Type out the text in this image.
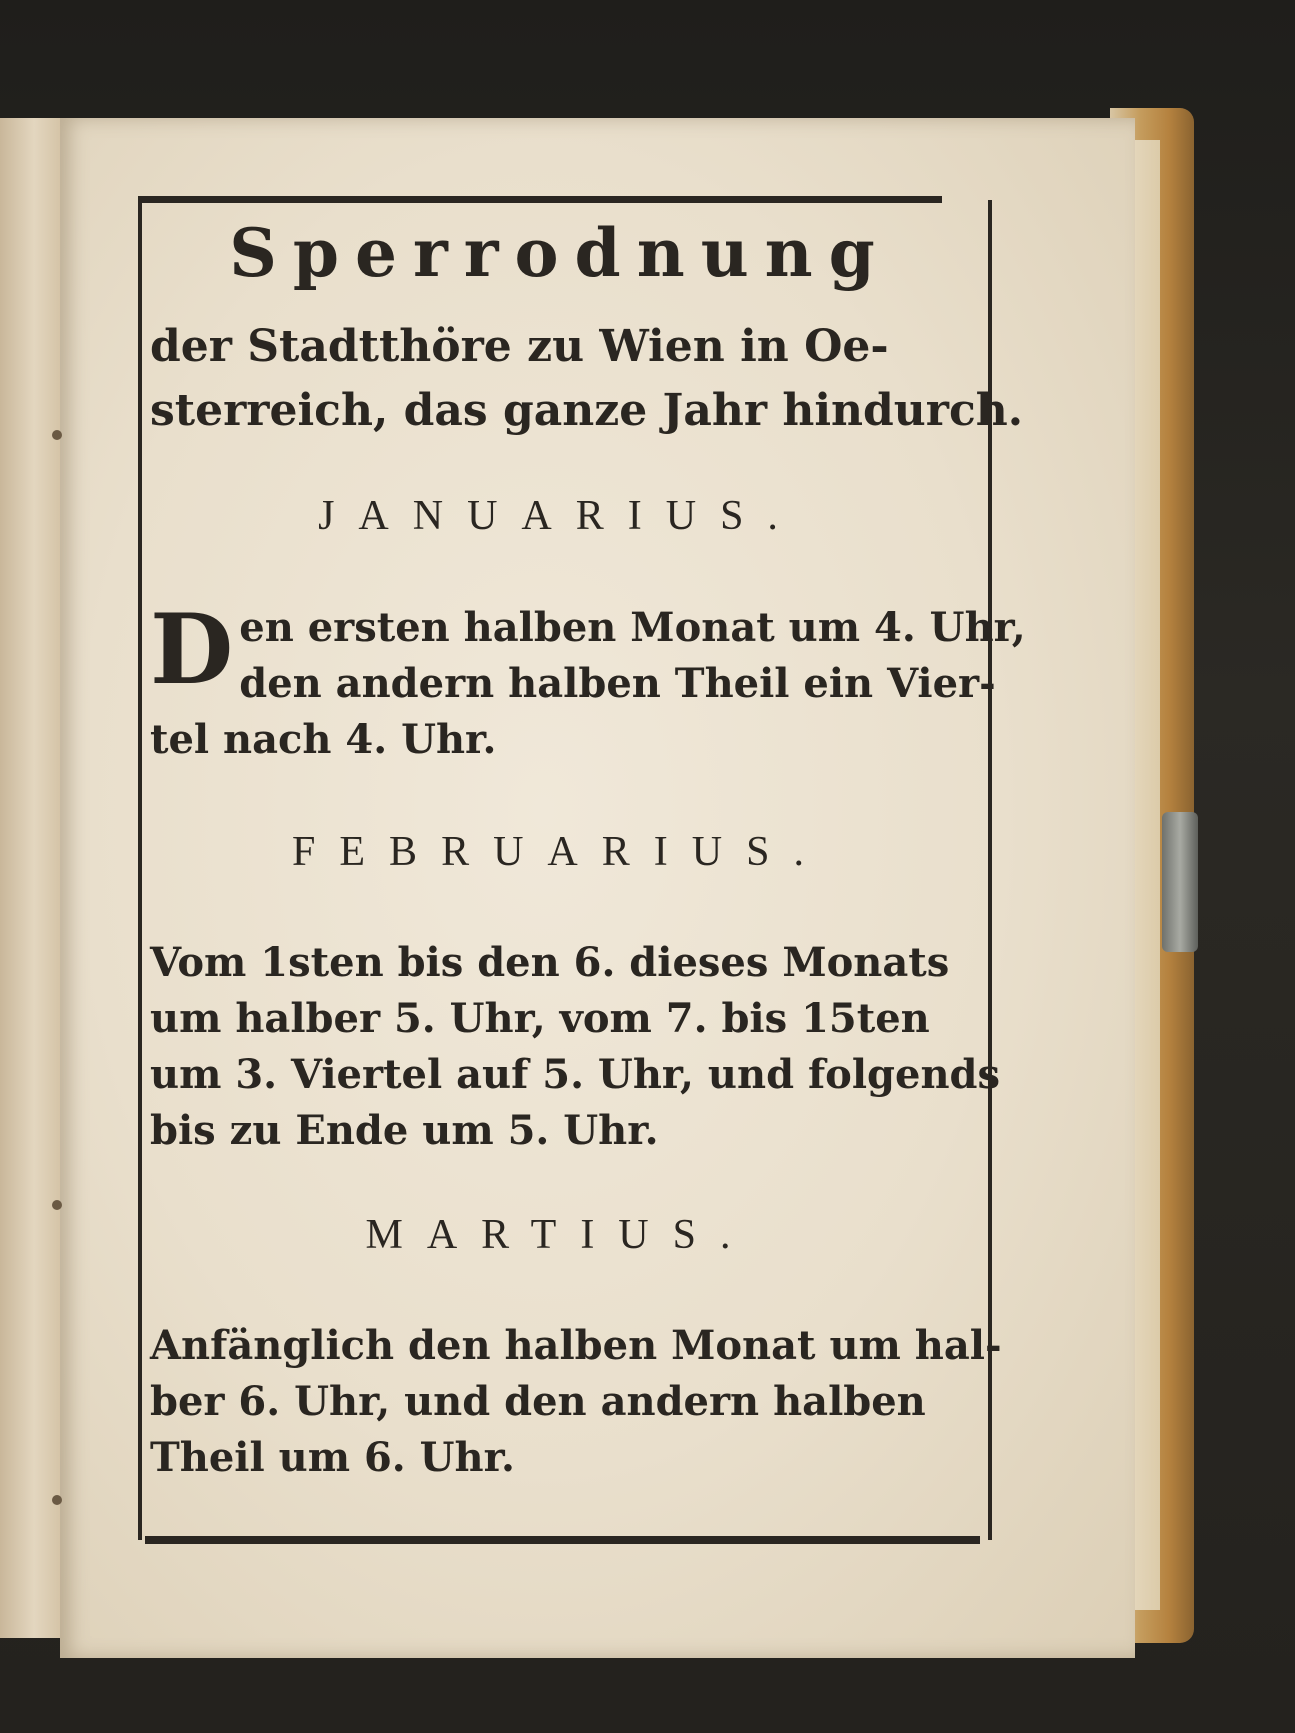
Sperrodnung
der Stadtthöre zu Wien in Oe-
sterreich, das ganze Jahr hindurch.
JANUARIUS.
D en ersten halben Monat um 4. Uhr,
den andern halben Theil ein Vier-
tel nach 4. Uhr.
FEBRUARIUS.
Vom 1sten bis den 6. dieses Monats
um halber 5. Uhr, vom 7. bis 15ten
um 3. Viertel auf 5. Uhr, und folgends
bis zu Ende um 5. Uhr.
MARTIUS.
Anfänglich den halben Monat um hal-
ber 6. Uhr, und den andern halben
Theil um 6. Uhr.
